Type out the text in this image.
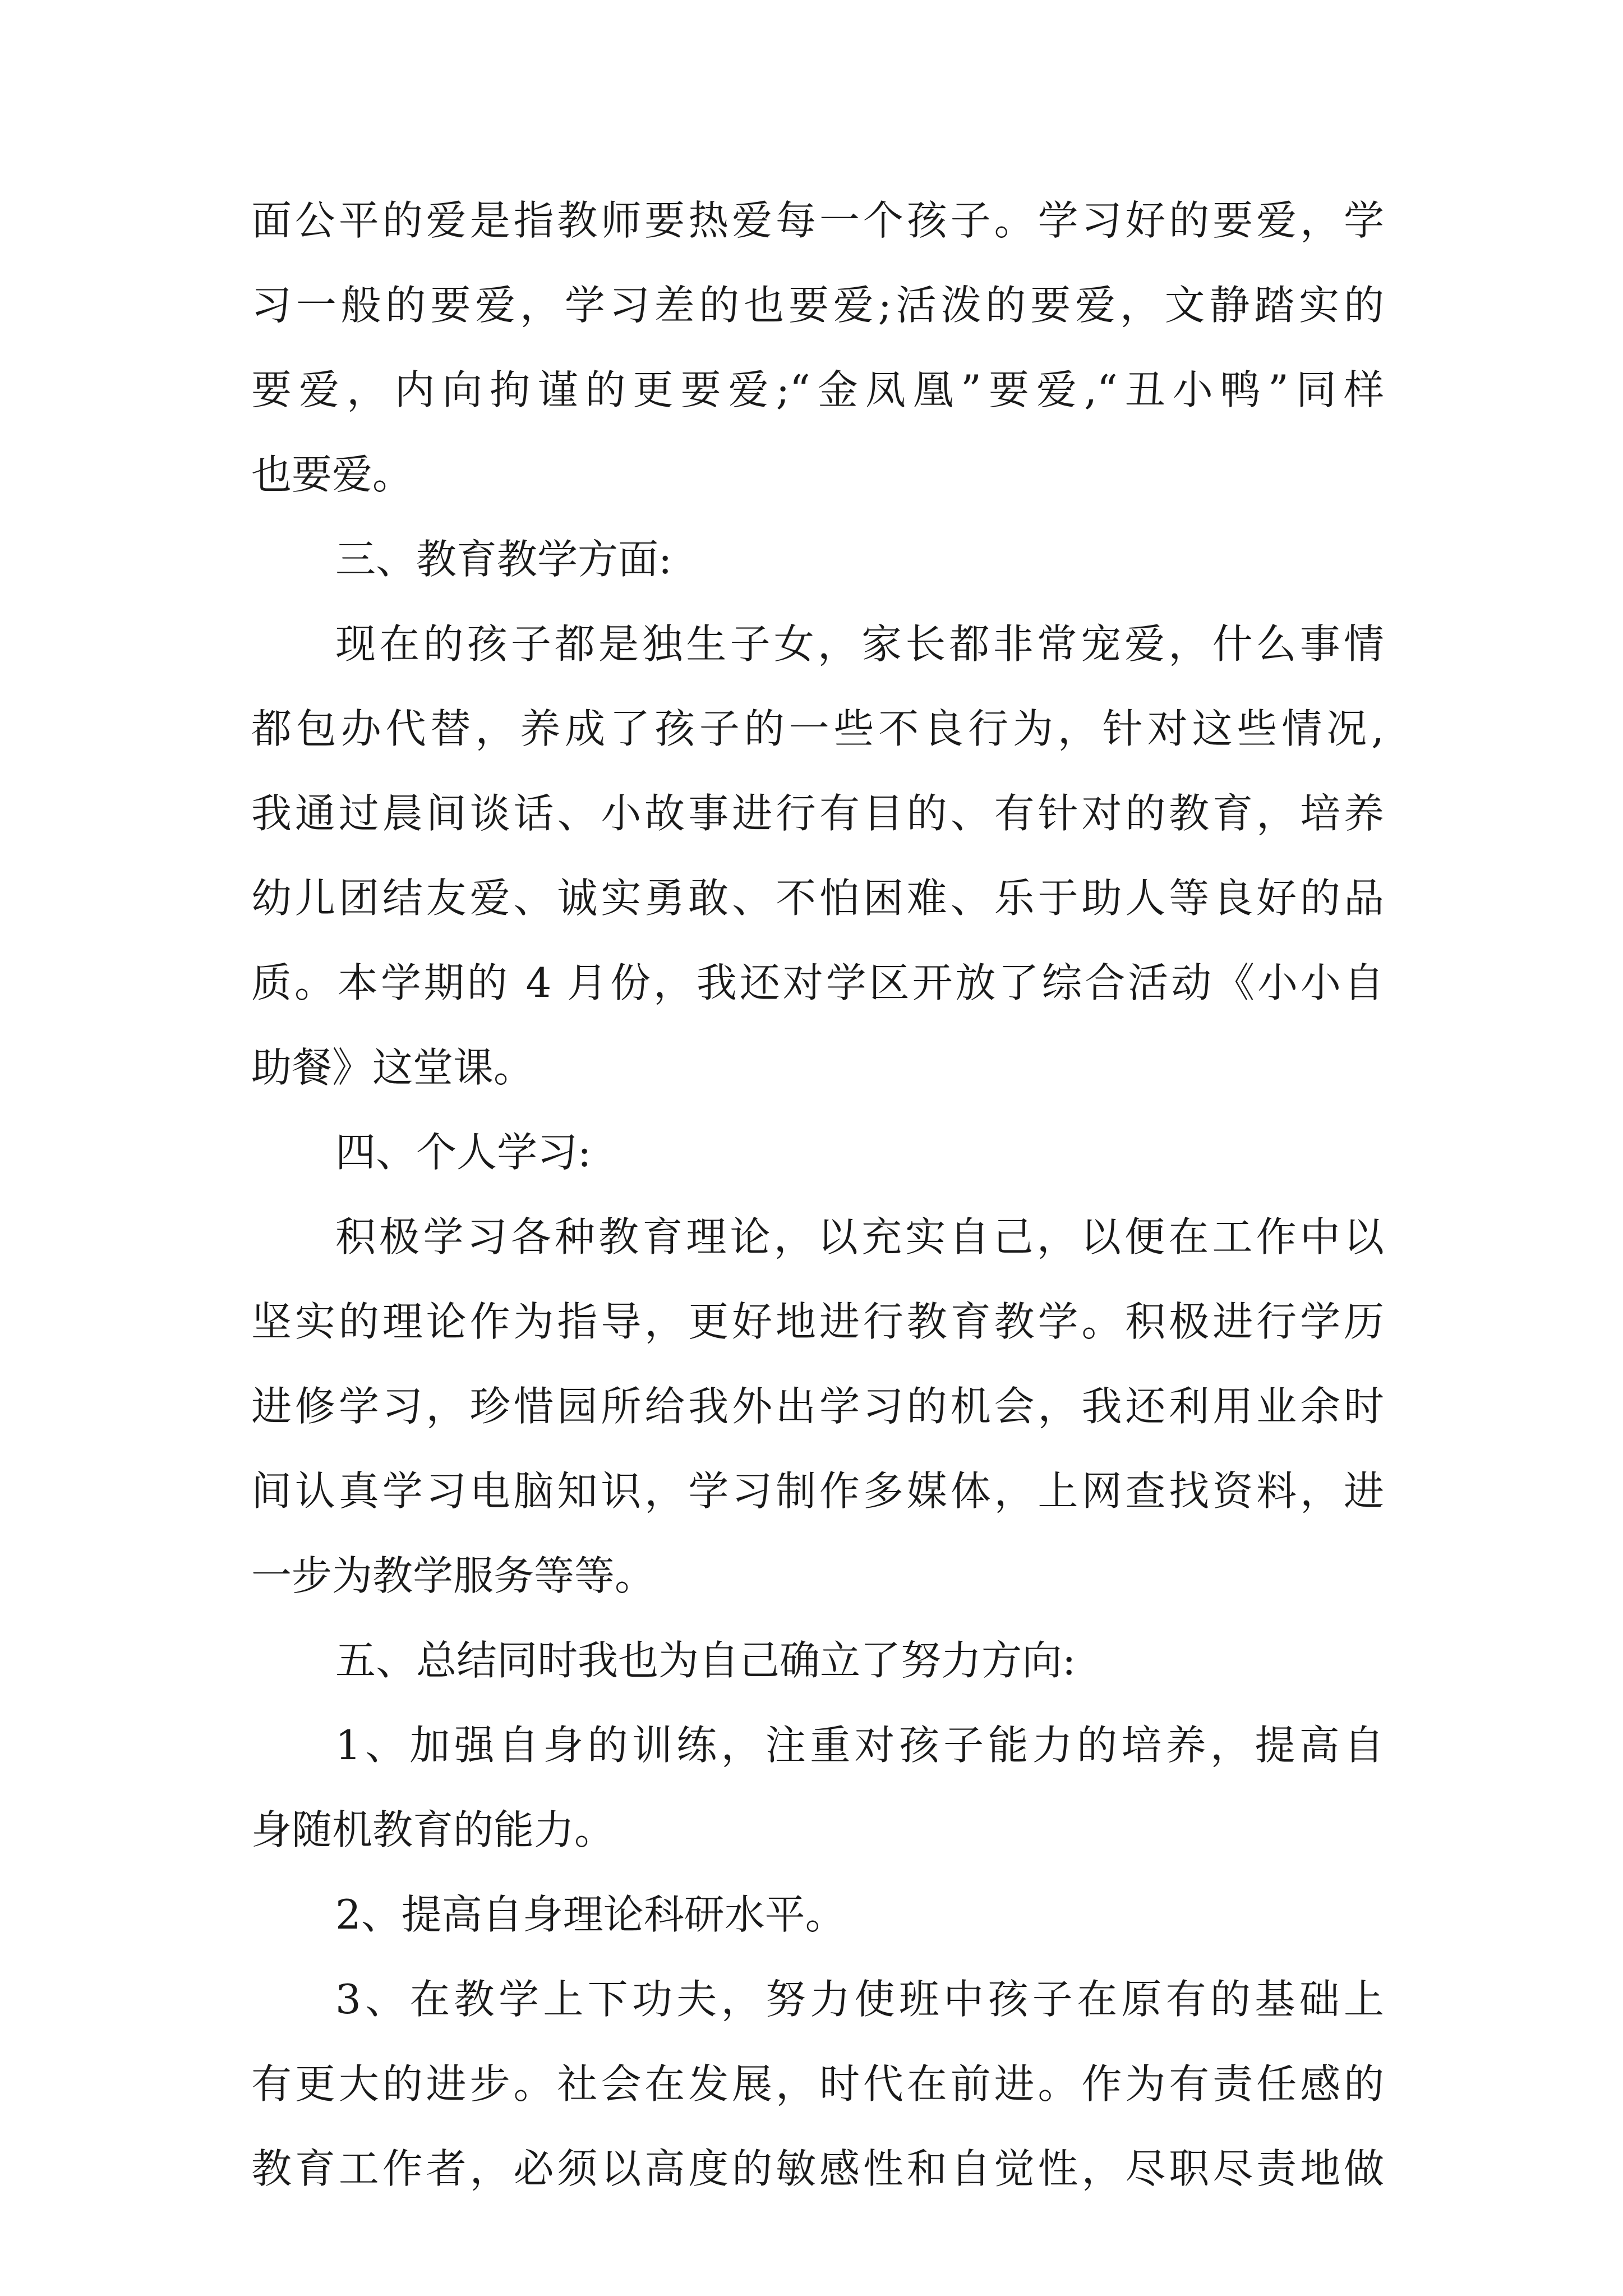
面公平的爱是指教师要热爱每一个孩子。学习好的要爱，学
习一般的要爱，学习差的也要爱;活泼的要爱，文静踏实的
要爱，内向拘谨的更要爱;“金凤凰”要爱,“丑小鸭”同样
也要爱。
三、教育教学方面:
现在的孩子都是独生子女，家长都非常宠爱，什么事情
都包办代替，养成了孩子的一些不良行为，针对这些情况,
我通过晨间谈话、小故事进行有目的、有针对的教育，培养
幼儿团结友爱、诚实勇敢、不怕困难、乐于助人等良好的品
质。本学期的 4 月份，我还对学区开放了综合活动《小小自
助餐》这堂课。
四、个人学习:
积极学习各种教育理论，以充实自己，以便在工作中以
坚实的理论作为指导，更好地进行教育教学。积极进行学历
进修学习，珍惜园所给我外出学习的机会，我还利用业余时
间认真学习电脑知识，学习制作多媒体，上网查找资料，进
一步为教学服务等等。
五、总结同时我也为自己确立了努力方向:
1、加强自身的训练，注重对孩子能力的培养，提高自
身随机教育的能力。
2、提高自身理论科研水平。
3、在教学上下功夫，努力使班中孩子在原有的基础上
有更大的进步。社会在发展，时代在前进。作为有责任感的
教育工作者，必须以高度的敏感性和自觉性，尽职尽责地做
